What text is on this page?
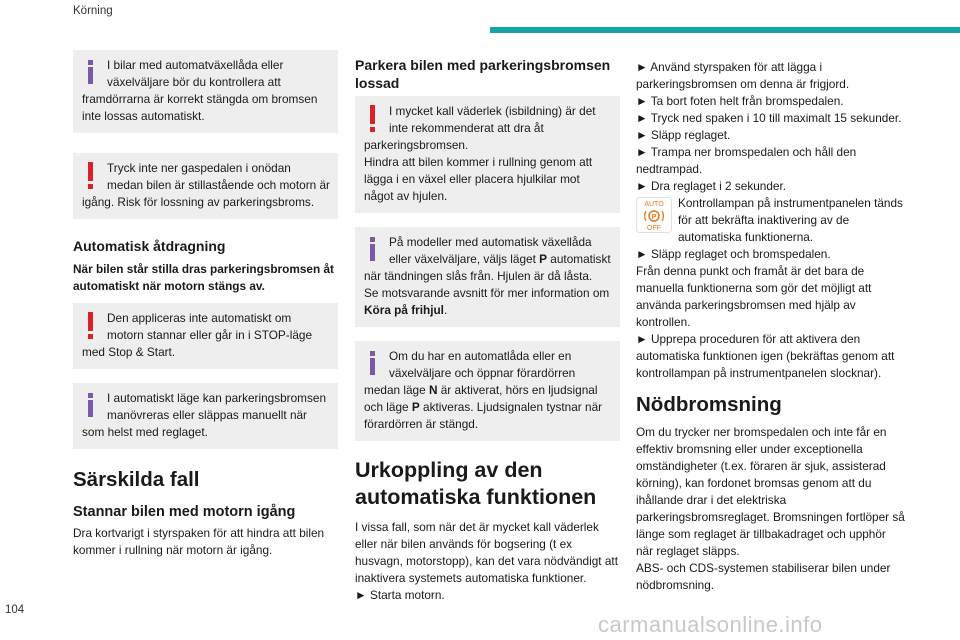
Körning
I bilar med automatväxellåda eller växelväljare bör du kontrollera att framdörrarna är korrekt stängda om bromsen inte lossas automatiskt.
Tryck inte ner gaspedalen i onödan medan bilen är stillastående och motorn är igång. Risk för lossning av parkeringsbroms.
Automatisk åtdragning

När bilen står stilla dras parkeringsbromsen åt automatiskt när motorn stängs av.

Den appliceras inte automatiskt om motorn stannar eller går in i STOP-läge med Stop & Start.
I automatiskt läge kan parkeringsbromsen manövreras eller släppas manuellt när som helst med reglaget.
Särskilda fall
Stannar bilen med motorn igång

Dra kortvarigt i styrspaken för att hindra att bilen kommer i rullning när motorn är igång.

Parkera bilen med parkeringsbromsen lossad
I mycket kall väderlek (isbildning) är det inte rekommenderat att dra åt parkeringsbromsen.
Hindra att bilen kommer i rullning genom att lägga i en växel eller placera hjulkilar mot något av hjulen.
På modeller med automatisk växellåda eller växelväljare, väljs läget P automatiskt när tändningen slås från. Hjulen är då låsta.
Se motsvarande avsnitt för mer information om Köra på frihjul.
Om du har en automatlåda eller en växelväljare och öppnar förardörren medan läge N är aktiverat, hörs en ljudsignal och läge P aktiveras. Ljudsignalen tystnar när förardörren är stängd.
Urkoppling av den automatiska funktionen

I vissa fall, som när det är mycket kall väderlek eller när bilen används för bogsering (t ex husvagn, motorstopp), kan det vara nödvändigt att inaktivera systemets automatiska funktioner.

► Starta motorn.

► Använd styrspaken för att lägga i parkeringsbromsen om denna är frigjord.

► Ta bort foten helt från bromspedalen.

► Tryck ned spaken i 10 till maximalt 15 sekunder.

► Släpp reglaget.

► Trampa ner bromspedalen och håll den nedtrampad.

► Dra reglaget i 2 sekunder.

AUTO
P
OFF

Kontrollampan på instrumentpanelen tänds för att bekräfta inaktivering av de automatiska funktionerna.

► Släpp reglaget och bromspedalen.

Från denna punkt och framåt är det bara de manuella funktionerna som gör det möjligt att använda parkeringsbromsen med hjälp av kontrollen.

► Upprepa proceduren för att aktivera den automatiska funktionen igen (bekräftas genom att kontrollampan på instrumentpanelen slocknar).

Nödbromsning

Om du trycker ner bromspedalen och inte får en effektiv bromsning eller under exceptionella omständigheter (t.ex. föraren är sjuk, assisterad körning), kan fordonet bromsas genom att du ihållande drar i det elektriska parkeringsbromsreglaget. Bromsningen fortlöper så länge som reglaget är tillbakadraget och upphör när reglaget släpps.

ABS- och CDS-systemen stabiliserar bilen under nödbromsning.

104
carmanualsonline.info
